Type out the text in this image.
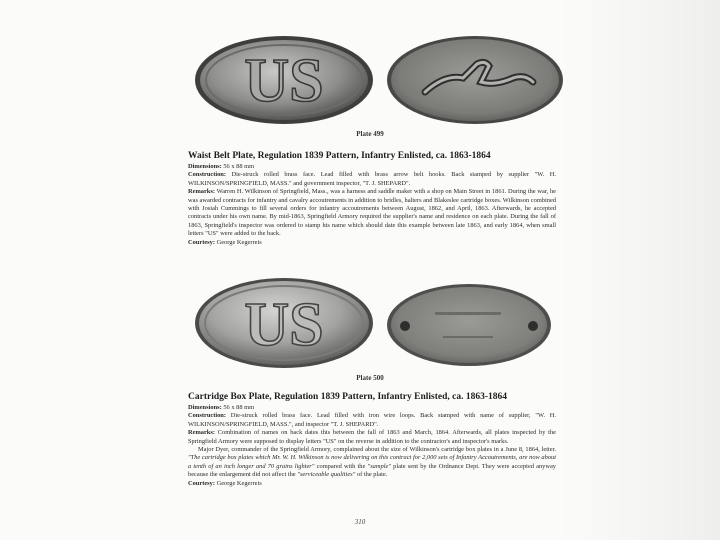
US
Plate 499
Waist Belt Plate, Regulation 1839 Pattern, Infantry Enlisted, ca. 1863-1864

Dimensions: 56 x 88 mm

Construction: Die-struck rolled brass face. Lead filled with brass arrow belt hooks. Back stamped by supplier "W. H. WILKINSON/SPRINGFIELD, MASS." and government inspector, "T. J. SHEPARD".

Remarks: Warren H. Wilkinson of Springfield, Mass., was a harness and saddle maker with a shop on Main Street in 1861. During the war, he was awarded contracts for infantry and cavalry accoutrements in addition to bridles, halters and Blakeslee cartridge boxes. Wilkinson combined with Josiah Cummings to fill several orders for infantry accoutrements between August, 1862, and April, 1863. Afterwards, he accepted contracts under his own name. By mid-1863, Springfield Armory required the supplier's name and residence on each plate. During the fall of 1863, Springfield's inspector was ordered to stamp his name which should date this example between late 1863, and early 1864, when small letters "US" were added to the back.

Courtesy: George Kegerreis

US
Plate 500
Cartridge Box Plate, Regulation 1839 Pattern, Infantry Enlisted, ca. 1863-1864

Dimensions: 56 x 88 mm

Construction: Die-struck rolled brass face. Lead filled with iron wire loops. Back stamped with name of supplier, "W. H. WILKINSON/SPRINGFIELD, MASS.", and inspector "T. J. SHEPARD".

Remarks: Combination of names on back dates this between the fall of 1863 and March, 1864. Afterwards, all plates inspected by the Springfield Armory were supposed to display letters "US" on the reverse in addition to the contractor's and inspector's marks.

Major Dyer, commander of the Springfield Armory, complained about the size of Wilkinson's cartridge box plates in a June 8, 1864, letter. "The cartridge box plates which Mr. W. H. Wilkinson is now delivering on this contract for 2,000 sets of Infantry Accoutrements, are now about a tenth of an inch longer and 70 grains lighter" compared with the "sample" plate sent by the Ordnance Dept. They were accepted anyway because the enlargement did not affect the "serviceable qualities" of the plate.

Courtesy: George Kegerreis

310
